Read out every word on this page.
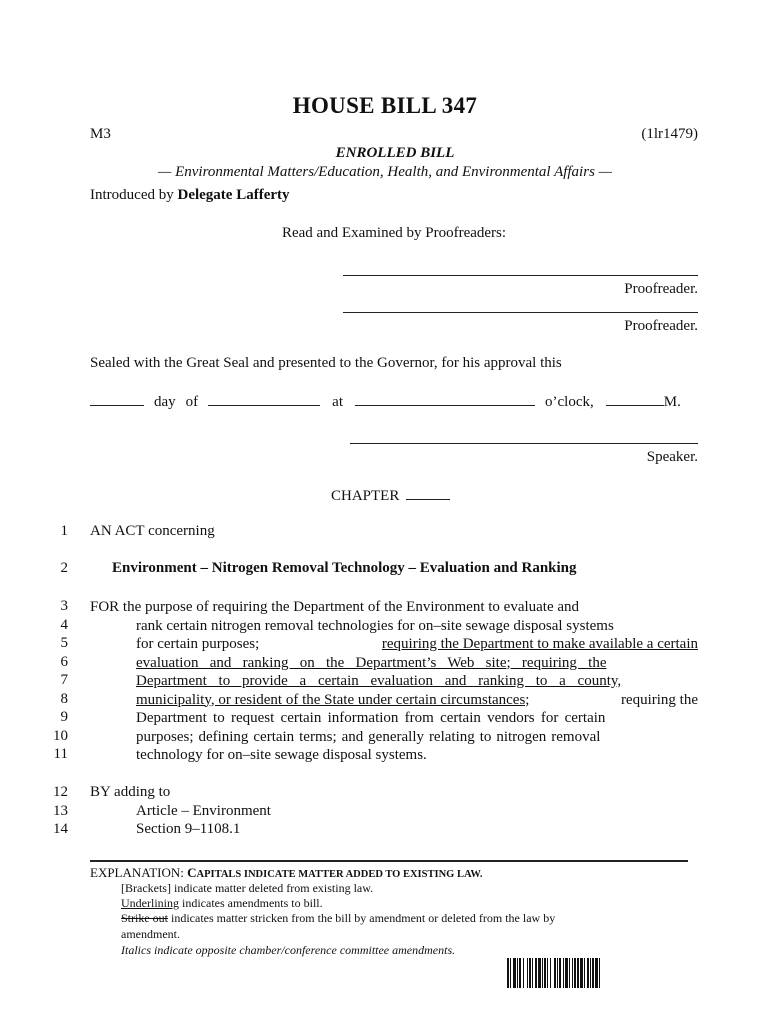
HOUSE BILL 347
M3	(1lr1479)
ENROLLED BILL
— Environmental Matters/Education, Health, and Environmental Affairs —
Introduced by Delegate Lafferty
Read and Examined by Proofreaders:
Proofreader.
Proofreader.
Sealed with the Great Seal and presented to the Governor, for his approval this
day of	at	o’clock,	M.
Speaker.
CHAPTER
1
2
3
4
5
6
7
8
9
10
11
12
13
14
AN ACT concerning
Environment – Nitrogen Removal Technology – Evaluation and Ranking
FOR the purpose of requiring the Department of the Environment to evaluate and
rank certain nitrogen removal technologies for on–site sewage disposal systems
for certain purposes;	requiring the Department to make available a certain
evaluation and ranking on the Department’s Web site; requiring the
Department to provide a certain evaluation and ranking to a county,
municipality, or resident of the State under certain circumstances;	requiring the
Department to request certain information from certain vendors for certain
purposes; defining certain terms; and generally relating to nitrogen removal
technology for on–site sewage disposal systems.
BY adding to
Article – Environment
Section 9–1108.1
EXPLANATION: CAPITALS INDICATE MATTER ADDED TO EXISTING LAW.
[Brackets] indicate matter deleted from existing law.
Underlining indicates amendments to bill.
Strike out indicates matter stricken from the bill by amendment or deleted from the law by
amendment.
Italics indicate opposite chamber/conference committee amendments.
